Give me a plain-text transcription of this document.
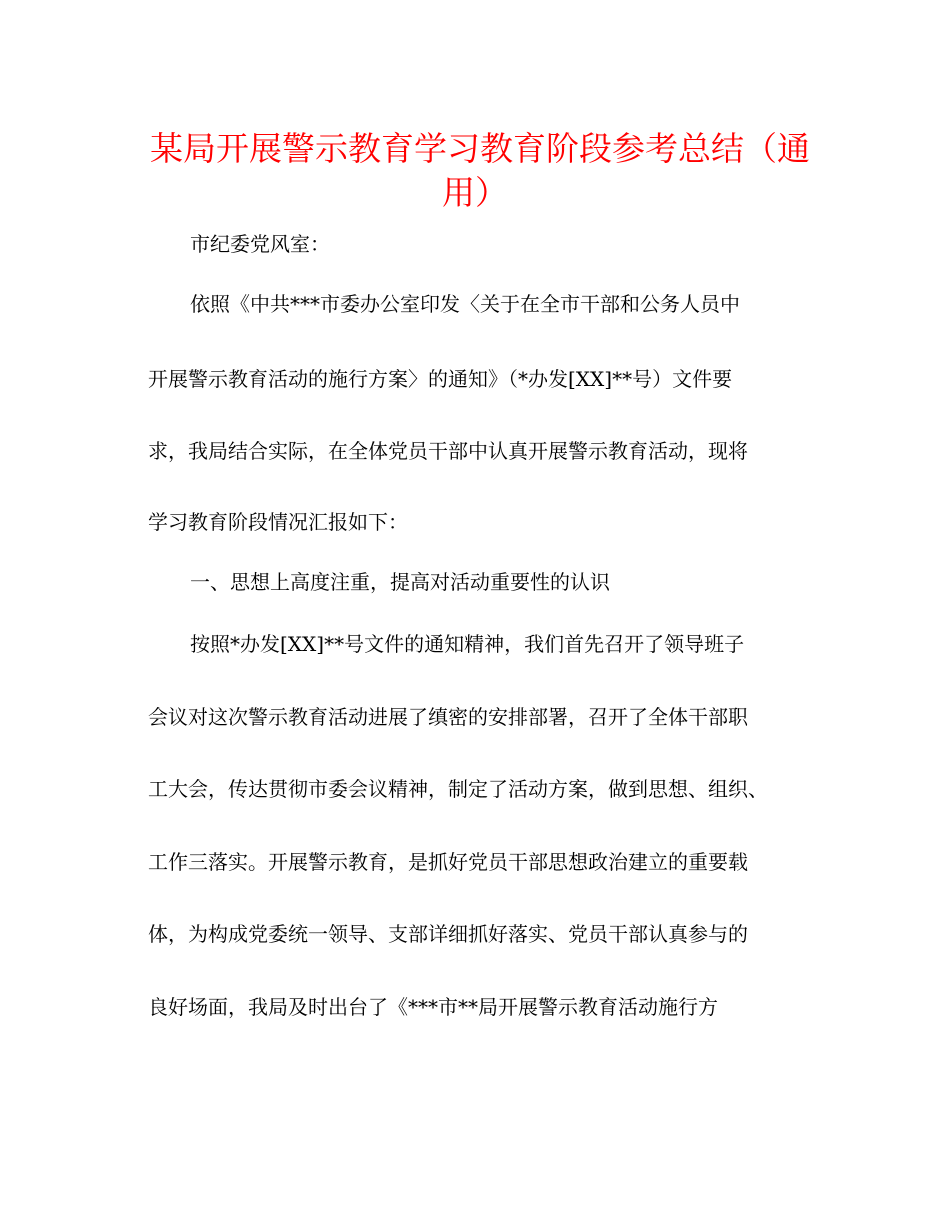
某局开展警示教育学习教育阶段参考总结（通
用）

市纪委党风室：

依照《中共***市委办公室印发〈关于在全市干部和公务人员中

开展警示教育活动的施行方案〉的通知》（*办发[XX]**号）文件要

求，我局结合实际，在全体党员干部中认真开展警示教育活动，现将

学习教育阶段情况汇报如下：

一、思想上高度注重，提高对活动重要性的认识

按照*办发[XX]**号文件的通知精神，我们首先召开了领导班子

会议对这次警示教育活动进展了缜密的安排部署，召开了全体干部职

工大会，传达贯彻市委会议精神，制定了活动方案，做到思想、组织、

工作三落实。开展警示教育，是抓好党员干部思想政治建立的重要载

体，为构成党委统一领导、支部详细抓好落实、党员干部认真参与的

良好场面，我局及时出台了《***市**局开展警示教育活动施行方
